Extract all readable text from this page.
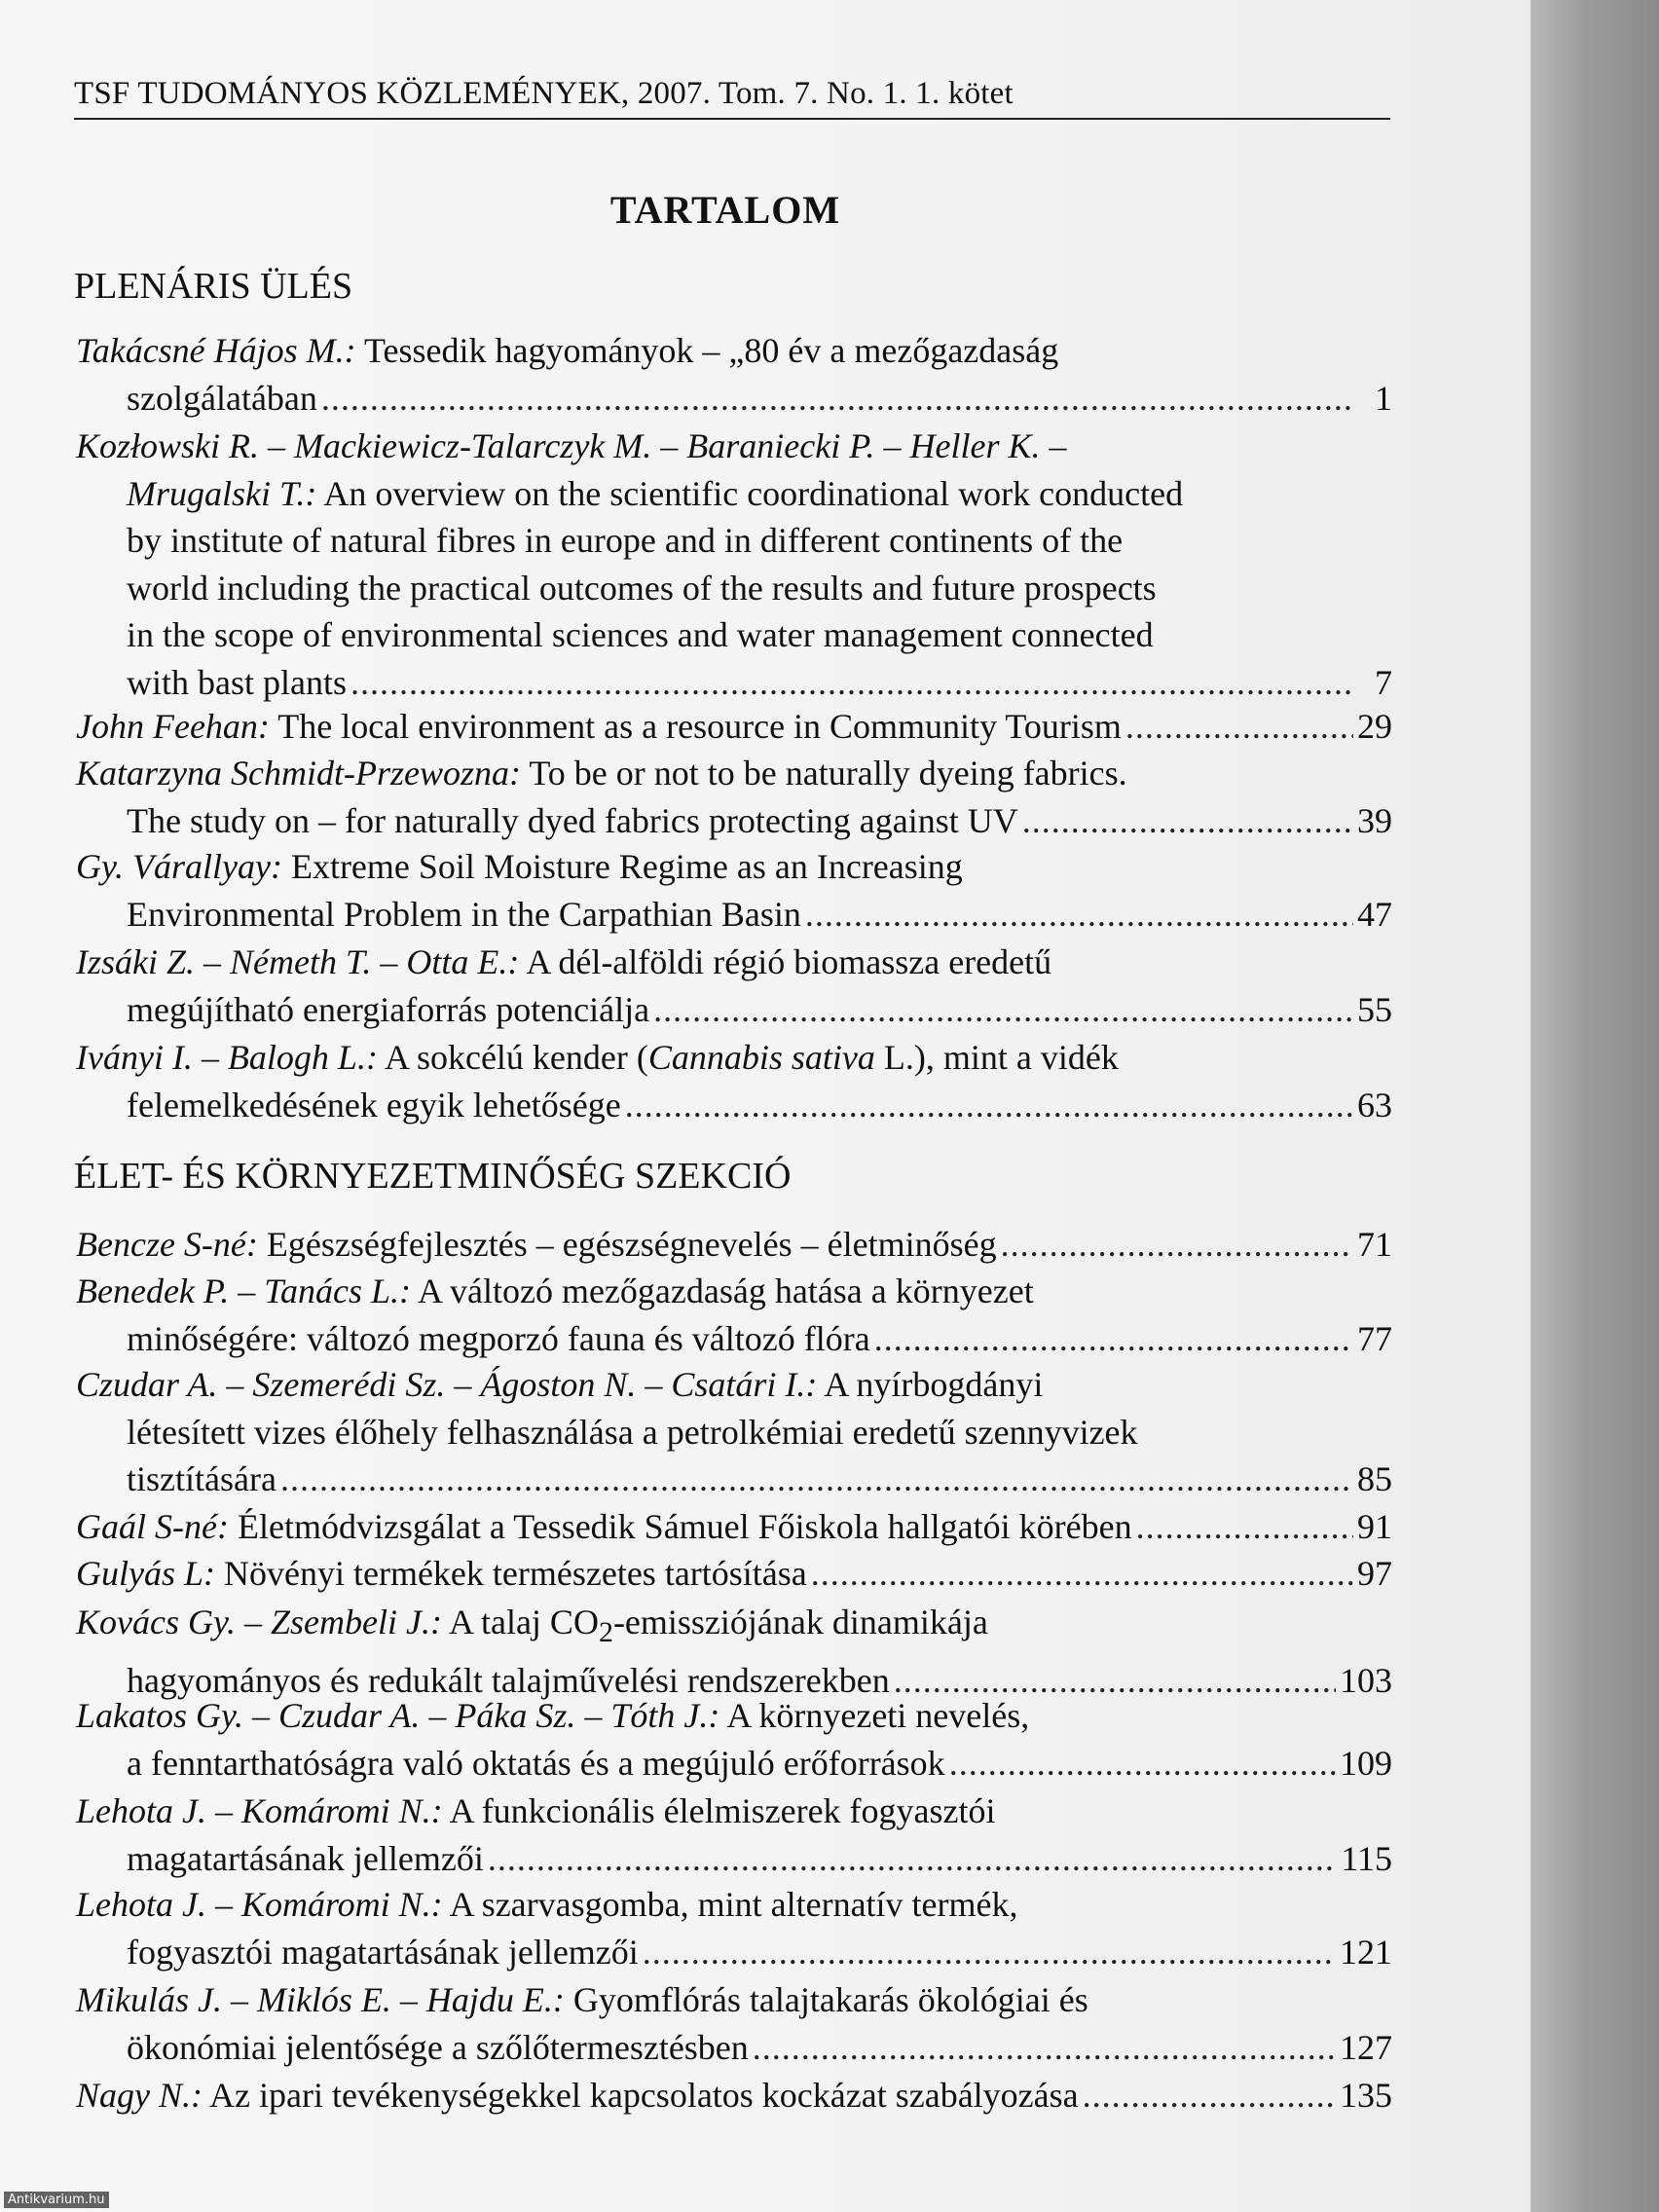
TSF TUDOMÁNYOS KÖZLEMÉNYEK, 2007. Tom. 7. No. 1. 1. kötet
TARTALOM
PLENÁRIS ÜLÉS
Takácsné Hájos M.: Tessedik hagyományok – „80 év a mezőgazdaság
szolgálatában .....	1
Kozłowski R. – Mackiewicz-Talarczyk M. – Baraniecki P. – Heller K. –
Mrugalski T.: An overview on the scientific coordinational work conducted
by institute of natural fibres in europe and in different continents of the
world including the practical outcomes of the results and future prospects
in the scope of environmental sciences and water management connected
with bast plants .....	7
John Feehan: The local environment as a resource in Community Tourism .....	29
Katarzyna Schmidt-Przewozna: To be or not to be naturally dyeing fabrics.
The study on – for naturally dyed fabrics protecting against UV .....	39
Gy. Várallyay: Extreme Soil Moisture Regime as an Increasing
Environmental Problem in the Carpathian Basin .....	47
Izsáki Z. – Németh T. – Otta E.: A dél-alföldi régió biomassza eredetű
megújítható energiaforrás potenciálja .....	55
Iványi I. – Balogh L.: A sokcélú kender (Cannabis sativa L.), mint a vidék
felemelkedésének egyik lehetősége .....	63
ÉLET- ÉS KÖRNYEZETMINŐSÉG SZEKCIÓ
Bencze S-né: Egészségfejlesztés – egészségnevelés – életminőség .....	71
Benedek P. – Tanács L.: A változó mezőgazdaság hatása a környezet
minőségére: változó megporzó fauna és változó flóra .....	77
Czudar A. – Szemerédi Sz. – Ágoston N. – Csatári I.: A nyírbogdányi
létesített vizes élőhely felhasználása a petrolkémiai eredetű szennyvizek
tisztítására .....	85
Gaál S-né: Életmódvizsgálat a Tessedik Sámuel Főiskola hallgatói körében .....	91
Gulyás L: Növényi termékek természetes tartósítása .....	97
Kovács Gy. – Zsembeli J.: A talaj $CO_2$-emissziójának dinamikája
hagyományos és redukált talajművelési rendszerekben .....	103
Lakatos Gy. – Czudar A. – Páka Sz. – Tóth J.: A környezeti nevelés,
a fenntarthatóságra való oktatás és a megújuló erőforrások .....	109
Lehota J. – Komáromi N.: A funkcionális élelmiszerek fogyasztói
magatartásának jellemzői .....	115
Lehota J. – Komáromi N.: A szarvasgomba, mint alternatív termék,
fogyasztói magatartásának jellemzői .....	121
Mikulás J. – Miklós E. – Hajdu E.: Gyomflórás talajtakarás ökológiai és
ökonómiai jelentősége a szőlőtermesztésben .....	127
Nagy N.: Az ipari tevékenységekkel kapcsolatos kockázat szabályozása .....	135
Antikvarium.hu
